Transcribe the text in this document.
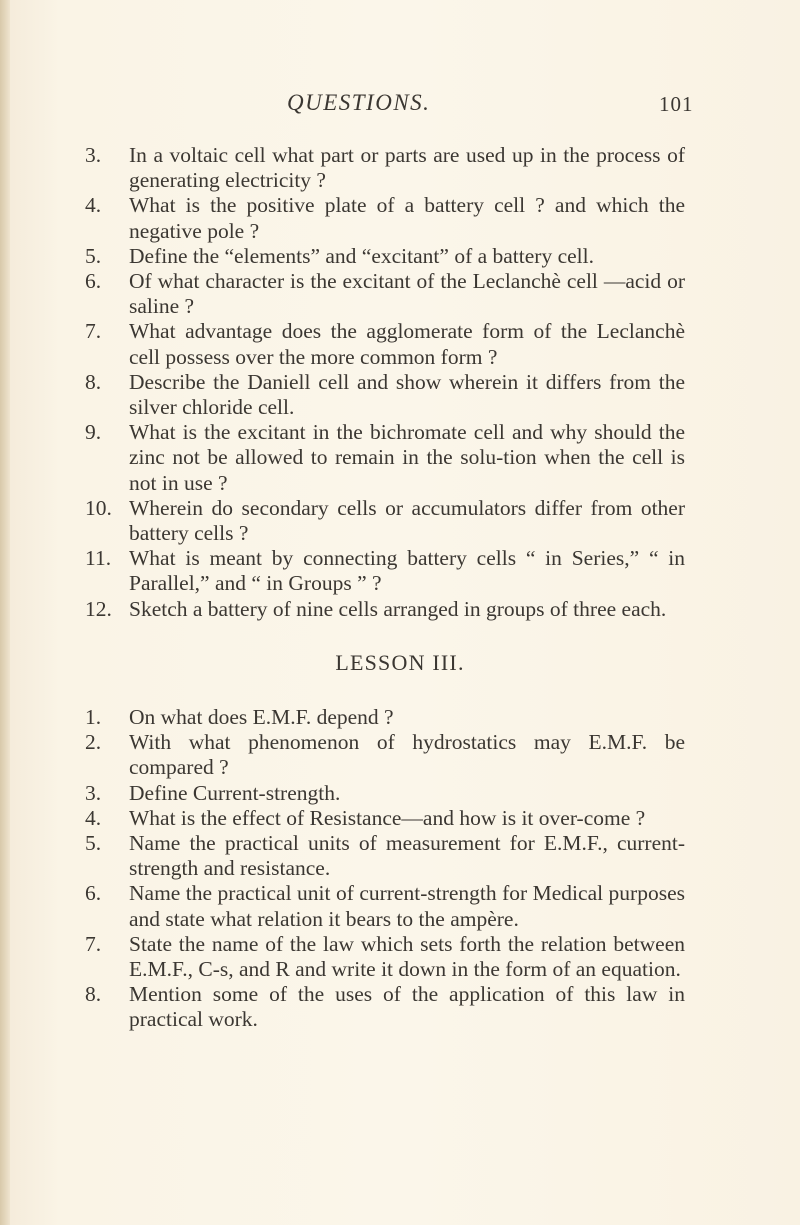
QUESTIONS.	101
3.	In a voltaic cell what part or parts are used up in the process of generating electricity ?
4.	What is the positive plate of a battery cell ? and which the negative pole ?
5.	Define the “elements” and “excitant” of a battery cell.
6.	Of what character is the excitant of the Leclanchè cell —acid or saline ?
7.	What advantage does the agglomerate form of the Leclanchè cell possess over the more common form ?
8.	Describe the Daniell cell and show wherein it differs from the silver chloride cell.
9.	What is the excitant in the bichromate cell and why should the zinc not be allowed to remain in the solu-tion when the cell is not in use ?
10. Wherein do secondary cells or accumulators differ from other battery cells ?
11. What is meant by connecting battery cells “ in Series,” “ in Parallel,” and “ in Groups ” ?
12. Sketch a battery of nine cells arranged in groups of three each.
LESSON III.
1.	On what does E.M.F. depend ?
2.	With what phenomenon of hydrostatics may E.M.F. be compared ?
3.	Define Current-strength.
4.	What is the effect of Resistance—and how is it over-come ?
5.	Name the practical units of measurement for E.M.F., current-strength and resistance.
6.	Name the practical unit of current-strength for Medical purposes and state what relation it bears to the ampère.
7.	State the name of the law which sets forth the relation between E.M.F., C-s, and R and write it down in the form of an equation.
8.	Mention some of the uses of the application of this law in practical work.
